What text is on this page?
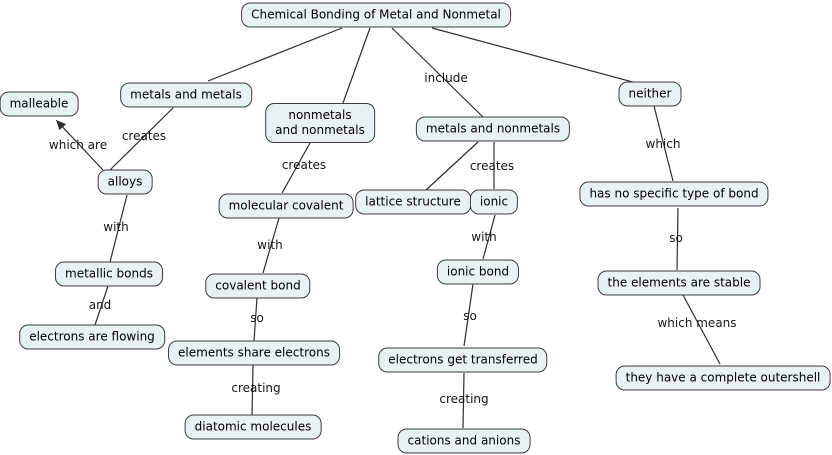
Chemical Bonding of Metal and Nonmetal
malleable
metals and metals
nonmetals
and nonmetals	metals and nonmetals
neither
alloys
molecular covalent	lattice structure	ionic
has no specific type of bond
metallic bonds
covalent bond
ionic bond
the elements are stable
electrons are flowing
elements share electrons	electrons get transferred
they have a complete outershell
diatomic molecules
cations and anions
which are
creates
creates
include
creates
which
with
with
with	so
and
so	so	which means
creating
creating
